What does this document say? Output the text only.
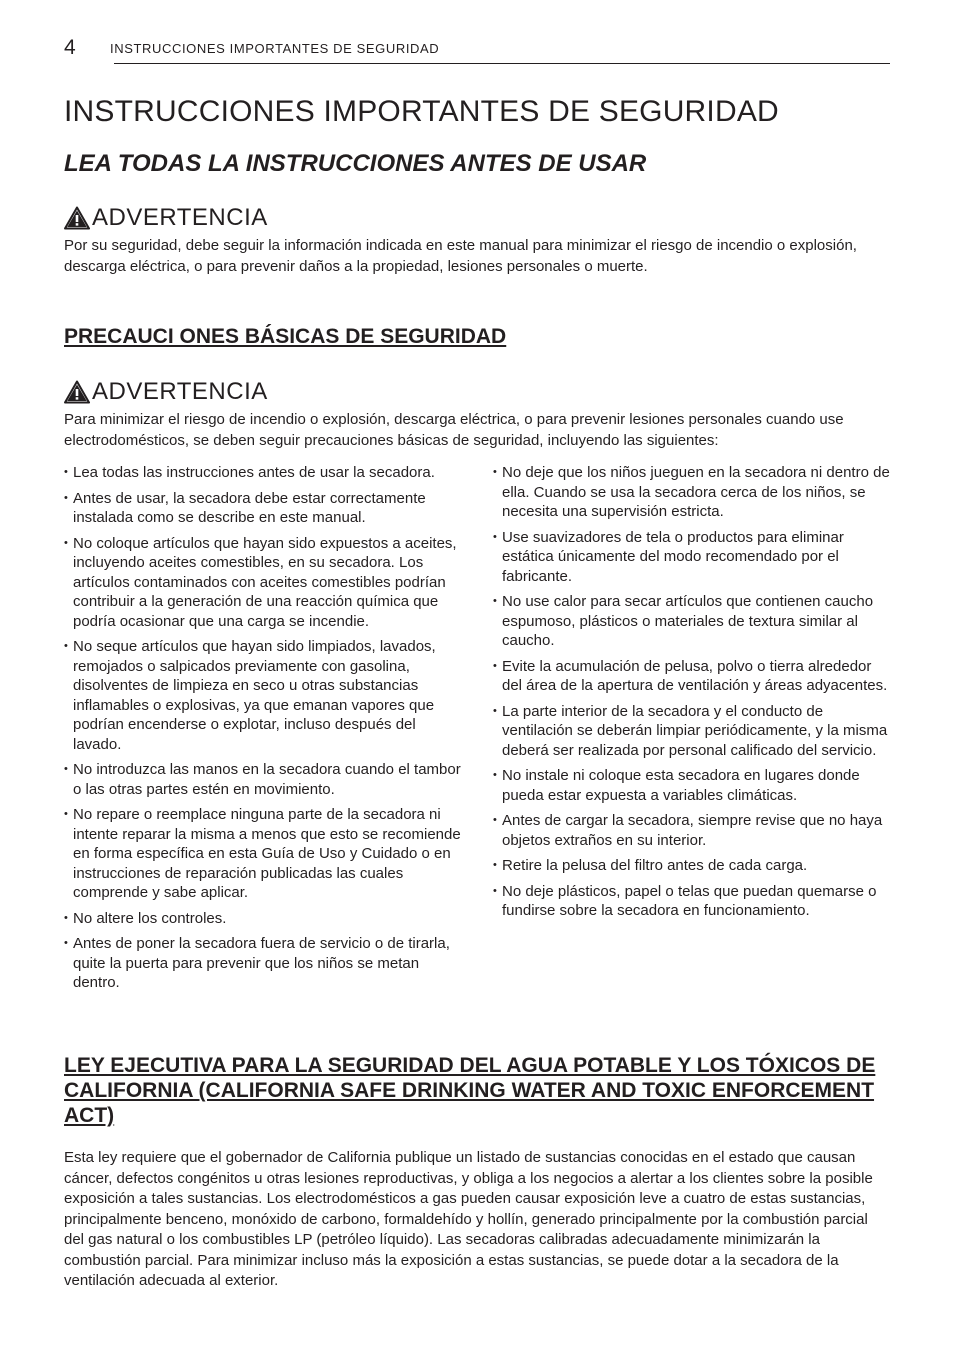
4	INSTRUCCIONES IMPORTANTES DE SEGURIDAD
INSTRUCCIONES IMPORTANTES DE SEGURIDAD
LEA TODAS LA INSTRUCCIONES ANTES DE USAR
ADVERTENCIA

Por su seguridad, debe seguir la información indicada en este manual para minimizar el riesgo de incendio o explosión, descarga eléctrica, o para prevenir daños a la propiedad, lesiones personales o muerte.

PRECAUCI ONES BÁSICAS DE SEGURIDAD
ADVERTENCIA

Para minimizar el riesgo de incendio o explosión, descarga eléctrica, o para prevenir lesiones personales cuando use electrodomésticos, se deben seguir precauciones básicas de seguridad, incluyendo las siguientes:

• Lea todas las instrucciones antes de usar la secadora.
• Antes de usar, la secadora debe estar correctamente instalada como se describe en este manual.
• No coloque artículos que hayan sido expuestos a aceites, incluyendo aceites comestibles, en su secadora. Los artículos contaminados con aceites comestibles podrían contribuir a la generación de una reacción química que podría ocasionar que una carga se incendie.
• No seque artículos que hayan sido limpiados, lavados, remojados o salpicados previamente con gasolina, disolventes de limpieza en seco u otras substancias inflamables o explosivas, ya que emanan vapores que podrían encenderse o explotar, incluso después del lavado.
• No introduzca las manos en la secadora cuando el tambor o las otras partes estén en movimiento.
• No repare o reemplace ninguna parte de la secadora ni intente reparar la misma a menos que esto se recomiende en forma específica en esta Guía de Uso y Cuidado o en instrucciones de reparación publicadas las cuales comprende y sabe aplicar.
• No altere los controles.
• Antes de poner la secadora fuera de servicio o de tirarla, quite la puerta para prevenir que los niños se metan dentro.
• No deje que los niños jueguen en la secadora ni dentro de ella. Cuando se usa la secadora cerca de los niños, se necesita una supervisión estricta.
• Use suavizadores de tela o productos para eliminar estática únicamente del modo recomendado por el fabricante.
• No use calor para secar artículos que contienen caucho espumoso, plásticos o materiales de textura similar al caucho.
• Evite la acumulación de pelusa, polvo o tierra alrededor del área de la apertura de ventilación y áreas adyacentes.
• La parte interior de la secadora y el conducto de ventilación se deberán limpiar periódicamente, y la misma deberá ser realizada por personal calificado del servicio.
• No instale ni coloque esta secadora en lugares donde pueda estar expuesta a variables climáticas.
• Antes de cargar la secadora, siempre revise que no haya objetos extraños en su interior.
• Retire la pelusa del filtro antes de cada carga.
• No deje plásticos, papel o telas que puedan quemarse o fundirse sobre la secadora en funcionamiento.
LEY EJECUTIVA PARA LA SEGURIDAD DEL AGUA POTABLE Y LOS TÓXICOS DE CALIFORNIA (CALIFORNIA SAFE DRINKING WATER AND TOXIC ENFORCEMENT ACT)

Esta ley requiere que el gobernador de California publique un listado de sustancias conocidas en el estado que causan cáncer, defectos congénitos u otras lesiones reproductivas, y obliga a los negocios a alertar a los clientes sobre la posible exposición a tales sustancias. Los electrodomésticos a gas pueden causar exposición leve a cuatro de estas sustancias, principalmente benceno, monóxido de carbono, formaldehído y hollín, generado principalmente por la combustión parcial del gas natural o los combustibles LP (petróleo líquido). Las secadoras calibradas adecuadamente minimizarán la combustión parcial. Para minimizar incluso más la exposición a estas sustancias, se puede dotar a la secadora de la ventilación adecuada al exterior.
